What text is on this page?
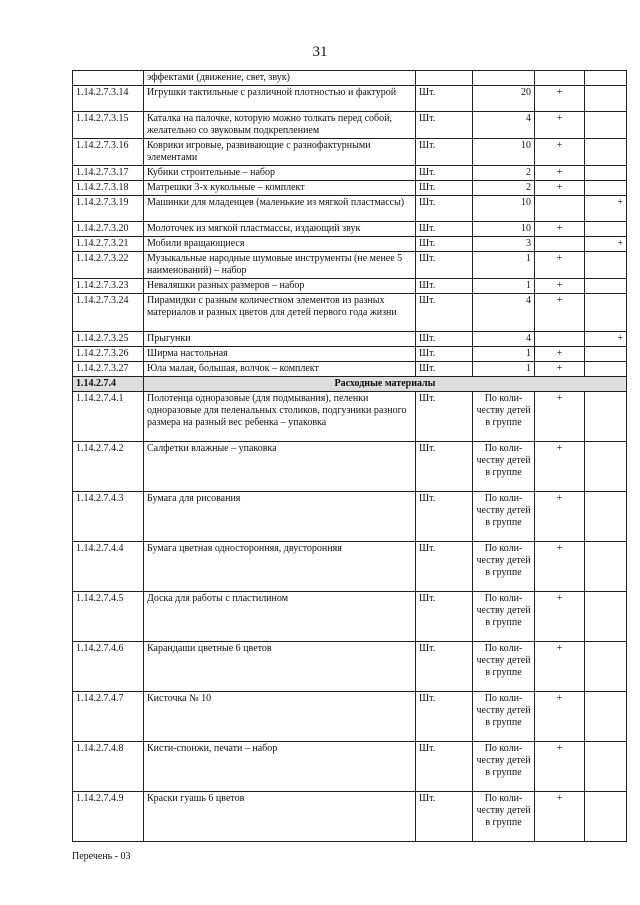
31
	эффектами (движение, свет, звук)				
1.14.2.7.3.14	Игрушки тактильные с различной плотностью и фактурой	Шт.	20	+	
1.14.2.7.3.15	Каталка на палочке, которую можно толкать перед собой, желательно со звуковым подкреплением	Шт.	4	+	
1.14.2.7.3.16	Коврики игровые, развивающие с разнофактурными элементами	Шт.	10	+	
1.14.2.7.3.17	Кубики строительные – набор	Шт.	2	+	
1.14.2.7.3.18	Матрешки 3-х кукольные – комплект	Шт.	2	+	
1.14.2.7.3.19	Машинки для младенцев (маленькие из мягкой пластмассы)	Шт.	10		+
1.14.2.7.3.20	Молоточек из мягкой пластмассы, издающий звук	Шт.	10	+	
1.14.2.7.3.21	Мобили вращающиеся	Шт.	3		+
1.14.2.7.3.22	Музыкальные народные шумовые инструменты (не менее 5 наименований) – набор	Шт.	1	+	
1.14.2.7.3.23	Неваляшки разных размеров – набор	Шт.	1	+	
1.14.2.7.3.24	Пирамидки с разным количеством элементов из разных материалов и разных цветов для детей первого года жизни	Шт.	4	+	
1.14.2.7.3.25	Прыгунки	Шт.	4		+
1.14.2.7.3.26	Ширма настольная	Шт.	1	+	
1.14.2.7.3.27	Юла малая, большая, волчок – комплект	Шт.	1	+	
1.14.2.7.4	Расходные материалы				
1.14.2.7.4.1	Полотенца одноразовые (для подмывания), пеленки одноразовые для пеленальных столиков, подгузники разного размера на разный вес ребенка – упаковка	Шт.	По коли- честву детей в группе	+	
1.14.2.7.4.2	Салфетки влажные – упаковка	Шт.	По коли- честву детей в группе	+	
1.14.2.7.4.3	Бумага для рисования	Шт.	По коли- честву детей в группе	+	
1.14.2.7.4.4	Бумага цветная односторонняя, двусторонняя	Шт.	По коли- честву детей в группе	+	
1.14.2.7.4.5	Доска для работы с пластилином	Шт.	По коли- честву детей в группе	+	
1.14.2.7.4.6	Карандаши цветные 6 цветов	Шт.	По коли- честву детей в группе	+	
1.14.2.7.4.7	Кисточка № 10	Шт.	По коли- честву детей в группе	+	
1.14.2.7.4.8	Кисти-спонжи, печати – набор	Шт.	По коли- честву детей в группе	+	
1.14.2.7.4.9	Краски гуашь 6 цветов	Шт.	По коли- честву детей в группе	+	
Перечень - 03
